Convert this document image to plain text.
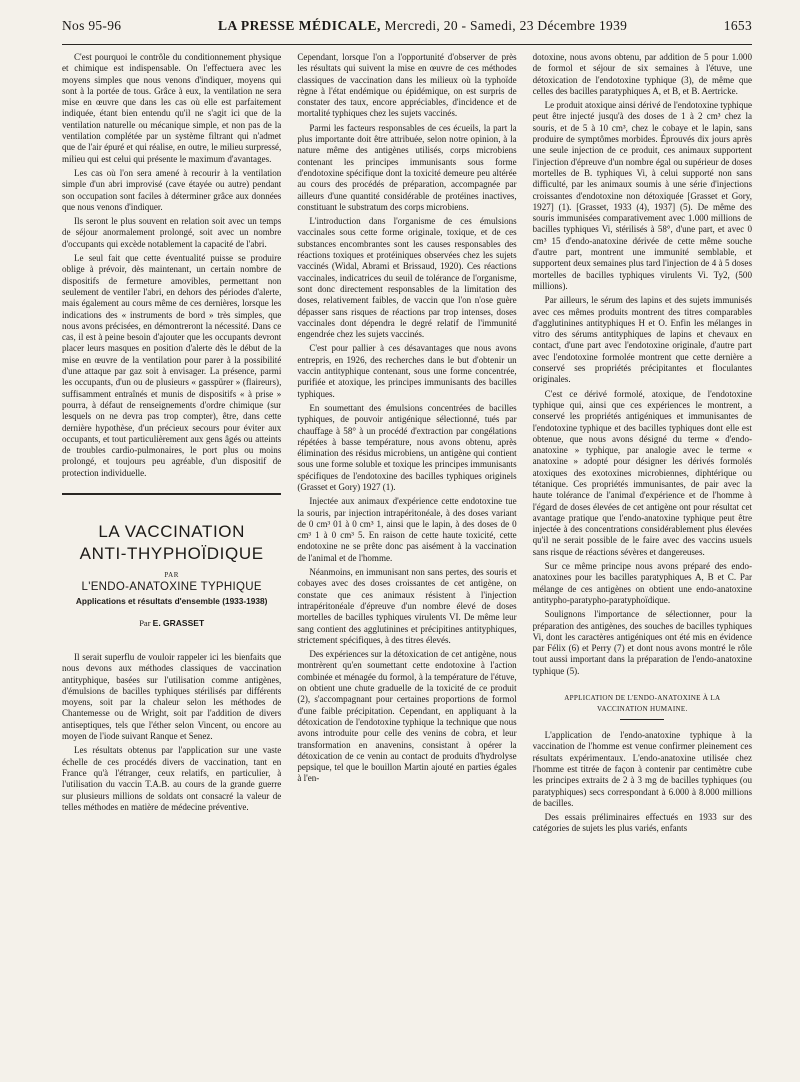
Nos 95-96	LA PRESSE MÉDICALE, Mercredi, 20 - Samedi, 23 Décembre 1939	1653

C'est pourquoi le contrôle du conditionnement physique et chimique est indispensable. On l'effectuera avec les moyens simples que nous venons d'indiquer, moyens qui sont à la portée de tous. Grâce à eux, la ventilation ne sera mise en œuvre que dans les cas où elle est parfaitement indiquée, étant bien entendu qu'il ne s'agit ici que de la ventilation naturelle ou mécanique simple, et non pas de la ventilation complétée par un système filtrant qui n'admet que de l'air épuré et qui réalise, en outre, le milieu surpressé, milieu qui est celui qui présente le maximum d'avantages.

Les cas où l'on sera amené à recourir à la ventilation simple d'un abri improvisé (cave étayée ou autre) pendant son occupation sont faciles à déterminer grâce aux données que nous venons d'indiquer.

Ils seront le plus souvent en relation soit avec un temps de séjour anormalement prolongé, soit avec un nombre d'occupants qui excède notablement la capacité de l'abri.

Le seul fait que cette éventualité puisse se produire oblige à prévoir, dès maintenant, un certain nombre de dispositifs de fermeture amovibles, permettant non seulement de ventiler l'abri, en dehors des périodes d'alerte, mais également au cours même de ces dernières, lorsque les indications des « instruments de bord » très simples, que nous avons précisées, en démontreront la nécessité. Dans ce cas, il est à peine besoin d'ajouter que les occupants devront placer leurs masques en position d'alerte dès le début de la mise en œuvre de la ventilation pour parer à la possibilité d'une attaque par gaz soit à envisager. La présence, parmi les occupants, d'un ou de plusieurs « gasspürer » (flaireurs), suffisamment entraînés et munis de dispositifs « à prise » pourra, à défaut de renseignements d'ordre chimique (sur lesquels on ne devra pas trop compter), être, dans cette dernière hypothèse, d'un précieux secours pour éviter aux occupants, et tout particulièrement aux gens âgés ou atteints de troubles cardio-pulmonaires, le port plus ou moins prolongé, et toujours peu agréable, d'un dispositif de protection individuelle.

LA VACCINATION
ANTI-THYPHOÏDIQUE
PAR
L'ENDO-ANATOXINE TYPHIQUE
Applications et résultats d'ensemble (1933-1938)
Par E. GRASSET

Il serait superflu de vouloir rappeler ici les bienfaits que nous devons aux méthodes classiques de vaccination antityphique, basées sur l'utilisation comme antigènes, d'émulsions de bacilles typhiques stérilisés par différents moyens, soit par la chaleur selon les méthodes de Chantemesse ou de Wright, soit par l'addition de divers antiseptiques, tels que l'éther selon Vincent, ou encore au moyen de l'iode suivant Ranque et Senez.

Les résultats obtenus par l'application sur une vaste échelle de ces procédés divers de vaccination, tant en France qu'à l'étranger, ceux relatifs, en particulier, à l'utilisation du vaccin T.A.B. au cours de la grande guerre sur plusieurs millions de soldats ont consacré la valeur de telles méthodes en matière de médecine préventive.

Cependant, lorsque l'on a l'opportunité d'observer de près les résultats qui suivent la mise en œuvre de ces méthodes classiques de vaccination dans les milieux où la typhoïde règne à l'état endémique ou épidémique, on est surpris de constater des taux, encore appréciables, d'incidence et de mortalité typhiques chez les sujets vaccinés.

Parmi les facteurs responsables de ces écueils, la part la plus importante doit être attribuée, selon notre opinion, à la nature même des antigènes utilisés, corps microbiens contenant les principes immunisants sous forme d'endotoxine spécifique dont la toxicité demeure peu altérée au cours des procédés de préparation, accompagnée par ailleurs d'une quantité considérable de protéines inactives, constituant le substratum des corps microbiens.

L'introduction dans l'organisme de ces émulsions vaccinales sous cette forme originale, toxique, et de ces substances encombrantes sont les causes responsables des réactions toxiques et protéiniques observées chez les sujets vaccinés (Widal, Abrami et Brissaud, 1920). Ces réactions vaccinales, indicatrices du seuil de tolérance de l'organisme, sont donc directement responsables de la limitation des doses, relativement faibles, de vaccin que l'on n'ose guère dépasser sans risques de réactions par trop intenses, doses vaccinales dont dépendra le degré relatif de l'immunité engendrée chez les sujets vaccinés.

C'est pour pallier à ces désavantages que nous avons entrepris, en 1926, des recherches dans le but d'obtenir un vaccin antityphique contenant, sous une forme concentrée, purifiée et atoxique, les principes immunisants des bacilles typhiques.

En soumettant des émulsions concentrées de bacilles typhiques, de pouvoir antigénique sélectionné, tués par chauffage à 58° à un procédé d'extraction par congélations répétées à basse température, nous avons obtenu, après élimination des résidus microbiens, un antigène qui contient sous une forme soluble et toxique les principes immunisants spécifiques de l'endotoxine des bacilles typhiques originels (Grasset et Gory) 1927 (1).

Injectée aux animaux d'expérience cette endotoxine tue la souris, par injection intrapéritonéale, à des doses variant de 0 cm³ 01 à 0 cm³ 1, ainsi que le lapin, à des doses de 0 cm³ 1 à 0 cm³ 5. En raison de cette haute toxicité, cette endotoxine ne se prête donc pas aisément à la vaccination de l'animal et de l'homme.

Néanmoins, en immunisant non sans pertes, des souris et cobayes avec des doses croissantes de cet antigène, on constate que ces animaux résistent à l'injection intrapéritonéale d'épreuve d'un nombre élevé de doses mortelles de bacilles typhiques virulents VI. De même leur sang contient des agglutinines et précipitines antityphiques, strictement spécifiques, à des titres élevés.

Des expériences sur la détoxication de cet antigène, nous montrèrent qu'en soumettant cette endotoxine à l'action combinée et ménagée du formol, à la température de l'étuve, on obtient une chute graduelle de la toxicité de ce produit (2), s'accompagnant pour certaines proportions de formol d'une faible précipitation. Cependant, en appliquant à la détoxication de l'endotoxine typhique la technique que nous avons introduite pour celle des venins de cobra, et leur transformation en anavenins, consistant à opérer la détoxication de ce venin au contact de produits d'hydrolyse pepsique, tel que le bouillon Martin ajouté en parties égales à l'en-

dotoxine, nous avons obtenu, par addition de 5 pour 1.000 de formol et séjour de six semaines à l'étuve, une détoxication de l'endotoxine typhique (3), de même que celles des bacilles paratyphiques A, et B, et B. Aertricke.

Le produit atoxique ainsi dérivé de l'endotoxine typhique peut être injecté jusqu'à des doses de 1 à 2 cm³ chez la souris, et de 5 à 10 cm³, chez le cobaye et le lapin, sans produire de symptômes morbides. Éprouvés dix jours après une seule injection de ce produit, ces animaux supportent l'injection d'épreuve d'un nombre égal ou supérieur de doses mortelles de B. typhiques Vi, à celui supporté non sans difficulté, par les animaux soumis à une série d'injections croissantes d'endotoxine non détoxiquée [Grasset et Gory, 1927] (1). [Grasset, 1933 (4), 1937] (5). De même des souris immunisées comparativement avec 1.000 millions de bacilles typhiques Vi, stérilisés à 58°, d'une part, et avec 0 cm³ 15 d'endo-anatoxine dérivée de cette même souche d'autre part, montrent une immunité semblable, et supportent deux semaines plus tard l'injection de 4 à 5 doses mortelles de bacilles typhiques virulents Vi. Ty2, (500 millions).

Par ailleurs, le sérum des lapins et des sujets immunisés avec ces mêmes produits montrent des titres comparables d'agglutinines antityphiques H et O. Enfin les mélanges in vitro des sérums antityphiques de lapins et chevaux en contact, d'une part avec l'endotoxine originale, d'autre part avec l'endotoxine formolée montrent que cette dernière a conservé ses propriétés précipitantes et floculantes originales.

C'est ce dérivé formolé, atoxique, de l'endotoxine typhique qui, ainsi que ces expériences le montrent, a conservé les propriétés antigéniques et immunisantes de l'endotoxine typhique et des bacilles typhiques dont elle est obtenue, que nous avons désigné du terme « d'endo-anatoxine » typhique, par analogie avec le terme « anatoxine » adopté pour désigner les dérivés formolés atoxiques des exotoxines microbiennes, diphtérique ou tétanique. Ces propriétés immunisantes, de pair avec la haute tolérance de l'animal d'expérience et de l'homme à l'égard de doses élevées de cet antigène ont pour résultat cet avantage pratique que l'endo-anatoxine typhique peut être injectée à des concentrations considérablement plus élevées qu'il ne serait possible de le faire avec des vaccins usuels sans risque de réactions sévères et dangereuses.

Sur ce même principe nous avons préparé des endo-anatoxines pour les bacilles paratyphiques A, B et C. Par mélange de ces antigènes on obtient une endo-anatoxine antitypho-paratypho-paratyphoïdique.

Soulignons l'importance de sélectionner, pour la préparation des antigènes, des souches de bacilles typhiques Vi, dont les caractères antigéniques ont été mis en évidence par Félix (6) et Perry (7) et dont nous avons montré le rôle tout aussi important dans la préparation de l'endo-anatoxine typhique (5).

APPLICATION DE L'ENDO-ANATOXINE À LA VACCINATION HUMAINE.

L'application de l'endo-anatoxine typhique à la vaccination de l'homme est venue confirmer pleinement ces résultats expérimentaux. L'endo-anatoxine utilisée chez l'homme est titrée de façon à contenir par centimètre cube les principes extraits de 2 à 3 mg de bacilles typhiques (ou paratyphiques) secs correspondant à 6.000 à 8.000 millions de bacilles.

Des essais préliminaires effectués en 1933 sur des catégories de sujets les plus variés, enfants
